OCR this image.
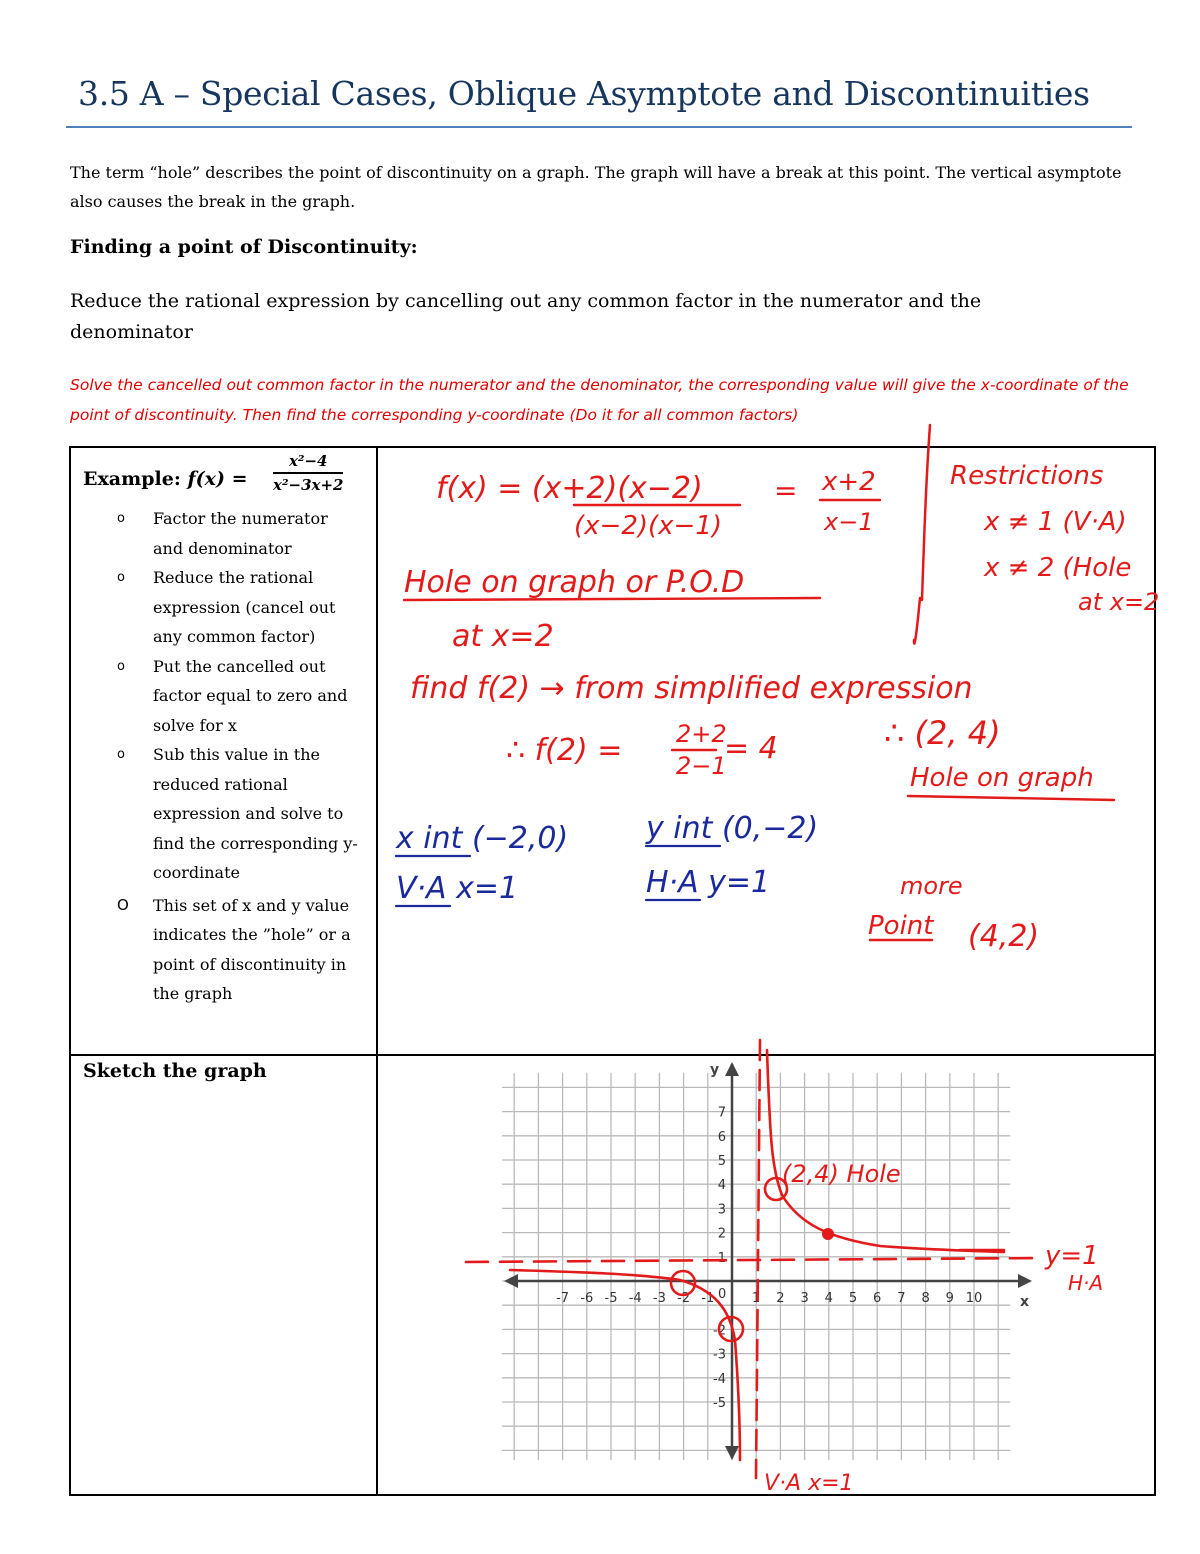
3.5 A – Special Cases, Oblique Asymptote and Discontinuities
The term “hole” describes the point of discontinuity on a graph. The graph will have a break at this point. The vertical asymptote also causes the break in the graph.
Finding a point of Discontinuity:
Reduce the rational expression by cancelling out any common factor in the numerator and the denominator
Solve the cancelled out common factor in the numerator and the denominator, the corresponding value will give the x-coordinate of the point of discontinuity. Then find the corresponding y-coordinate (Do it for all common factors)
Example: $f(x) = \frac{\text{x²−4}}{\text{x²−3x+2}}$
o Factor the numerator and denominator
o Reduce the rational expression (cancel out any common factor)
o Put the cancelled out factor equal to zero and solve for x
o Sub this value in the reduced rational expression and solve to find the corresponding y-coordinate
O This set of x and y value indicates the ”hole” or a point of discontinuity in the graph
Sketch the graph
x
y
0
-7 -6 -5 -4 -3 -2 -1	1 2 3 4 5 6 7 8 9 10
7
6
5
4
3
2
1
-2
-3
-4
-5
(2,4) Hole
y=1
H·A
V·A x=1
f(x) = (x+2)(x−2)
(x−2)(x−1)
= x+2
x−1
Restrictions
x ≠ 1 (V·A)
x ≠ 2 (Hole
at x=2
Hole on graph or P.O.D
at x=2
find f(2) → from simplified expression
∴ f(2) = 2+2
2−1
= 4	∴ (2, 4)
Hole on graph
more
Point (4,2)
x int (−2,0)	y int (0,−2)
V·A x=1	H·A y=1
